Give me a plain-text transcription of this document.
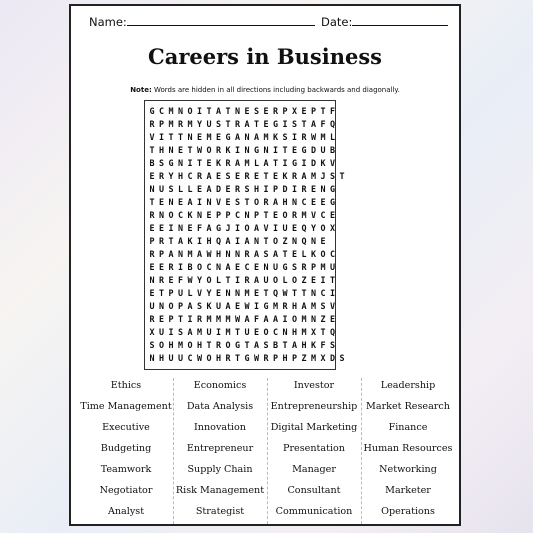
Name:	Date:
Careers in Business
Note: Words are hidden in all directions including backwards and diagonally.
G C M N O I T A T N E S E R P X E P T F
R P M R M Y U S T R A T E G I S T A F Q
V I T T N E M E G A N A M K S I R W M L
T H N E T W O R K I N G N I T E G D U B
B S G N I T E K R A M L A T I G I D K V
E R Y H C R A E S E R E T E K R A M J S T
N U S L L E A D E R S H I P D I R E N G
T E N E A I N V E S T O R A H N C E E G
R N O C K N E P P C N P T E O R M V C E
E E I N E F A G J I O A V I U E Q Y O X
P R T A K I H Q A I A N T O Z N Q N E
R P A N M A W H N N R A S A T E L K O C
E E R I B O C N A E C E N U G S R P M U
N R E F W Y O L T I R A U O L O Z E I T
E T P U L V Y E N N M E T Q W T T N C I
U N O P A S K U A E W I G M R H A M S V
R E P T I R M M M W A F A A I O M N Z E
X U I S A M U I M T U E O C N H M X T Q
S O H M O H T R O G T A S B T A H K F S
N H U U C W O H R T G W R P H P Z M X D S
Ethics
Time Management
Executive
Budgeting
Teamwork
Negotiator
Analyst
Economics
Data Analysis
Innovation
Entrepreneur
Supply Chain
Risk Management
Strategist
Investor
Entrepreneurship
Digital Marketing
Presentation
Manager
Consultant
Communication
Leadership
Market Research
Finance
Human Resources
Networking
Marketer
Operations
